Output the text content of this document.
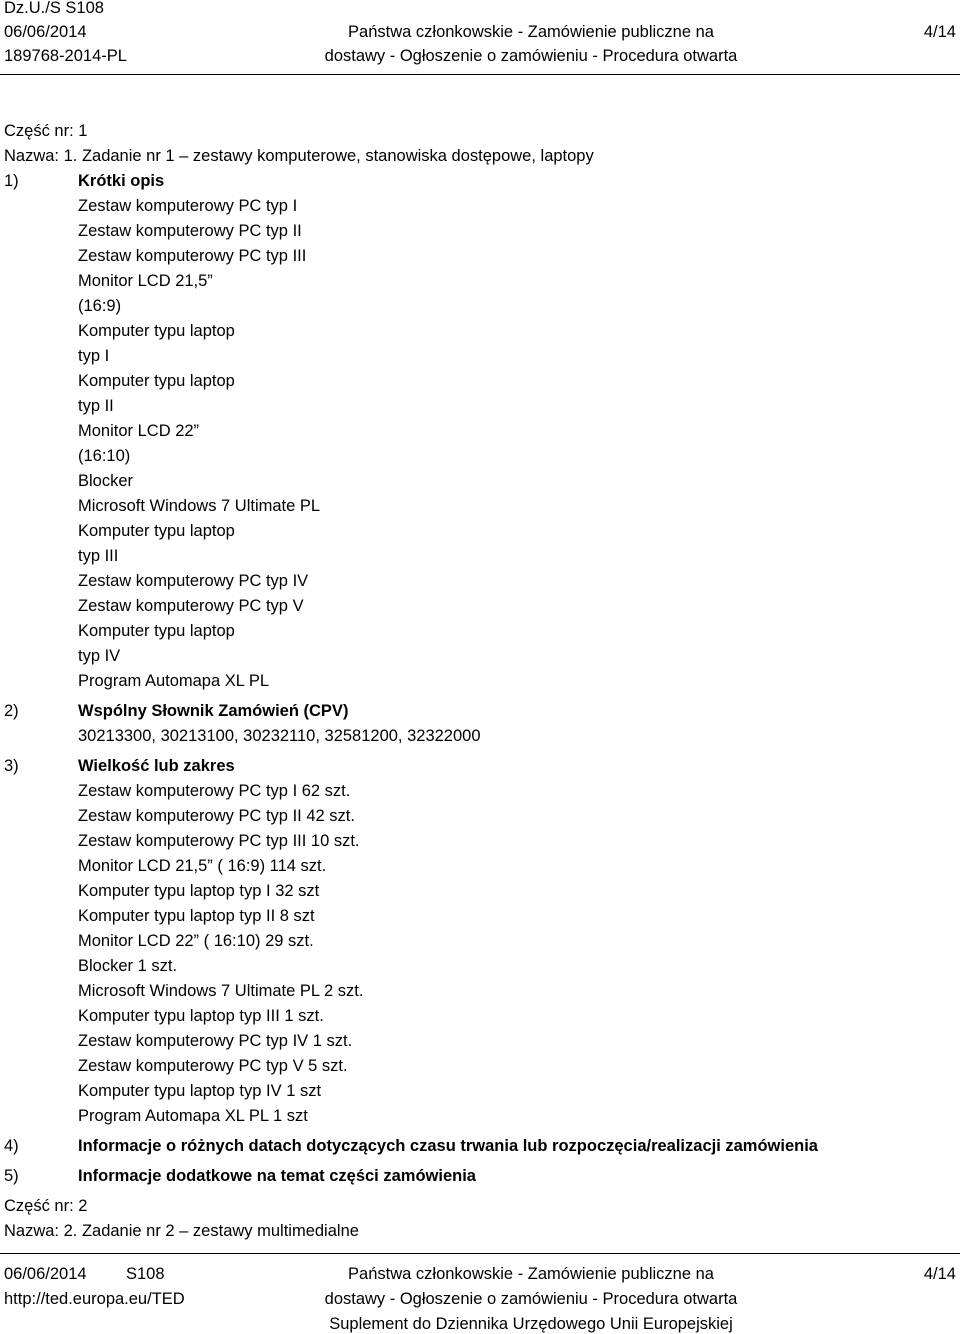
Dz.U./S S108
06/06/2014	Państwa członkowskie - Zamówienie publiczne na	4/14
189768-2014-PL	dostawy - Ogłoszenie o zamówieniu - Procedura otwarta
Część nr: 1
Nazwa: 1. Zadanie nr 1 – zestawy komputerowe, stanowiska dostępowe, laptopy
1)	Krótki opis
Zestaw komputerowy PC typ I
Zestaw komputerowy PC typ II
Zestaw komputerowy PC typ III
Monitor LCD 21,5”
(16:9)
Komputer typu laptop
typ I
Komputer typu laptop
typ II
Monitor LCD 22”
(16:10)
Blocker
Microsoft Windows 7 Ultimate PL
Komputer typu laptop
typ III
Zestaw komputerowy PC typ IV
Zestaw komputerowy PC typ V
Komputer typu laptop
typ IV
Program Automapa XL PL
2)	Wspólny Słownik Zamówień (CPV)
30213300, 30213100, 30232110, 32581200, 32322000
3)	Wielkość lub zakres
Zestaw komputerowy PC typ I 62 szt.
Zestaw komputerowy PC typ II 42 szt.
Zestaw komputerowy PC typ III 10 szt.
Monitor LCD 21,5” ( 16:9) 114 szt.
Komputer typu laptop typ I 32 szt
Komputer typu laptop typ II 8 szt
Monitor LCD 22” ( 16:10) 29 szt.
Blocker 1 szt.
Microsoft Windows 7 Ultimate PL 2 szt.
Komputer typu laptop typ III 1 szt.
Zestaw komputerowy PC typ IV 1 szt.
Zestaw komputerowy PC typ V 5 szt.
Komputer typu laptop typ IV 1 szt
Program Automapa XL PL 1 szt
4)	Informacje o różnych datach dotyczących czasu trwania lub rozpoczęcia/realizacji zamówienia
5)	Informacje dodatkowe na temat części zamówienia
Część nr: 2
Nazwa: 2. Zadanie nr 2 – zestawy multimedialne
06/06/2014 S108	Państwa członkowskie - Zamówienie publiczne na	4/14
http://ted.europa.eu/TED	dostawy - Ogłoszenie o zamówieniu - Procedura otwarta
Suplement do Dziennika Urzędowego Unii Europejskiej
